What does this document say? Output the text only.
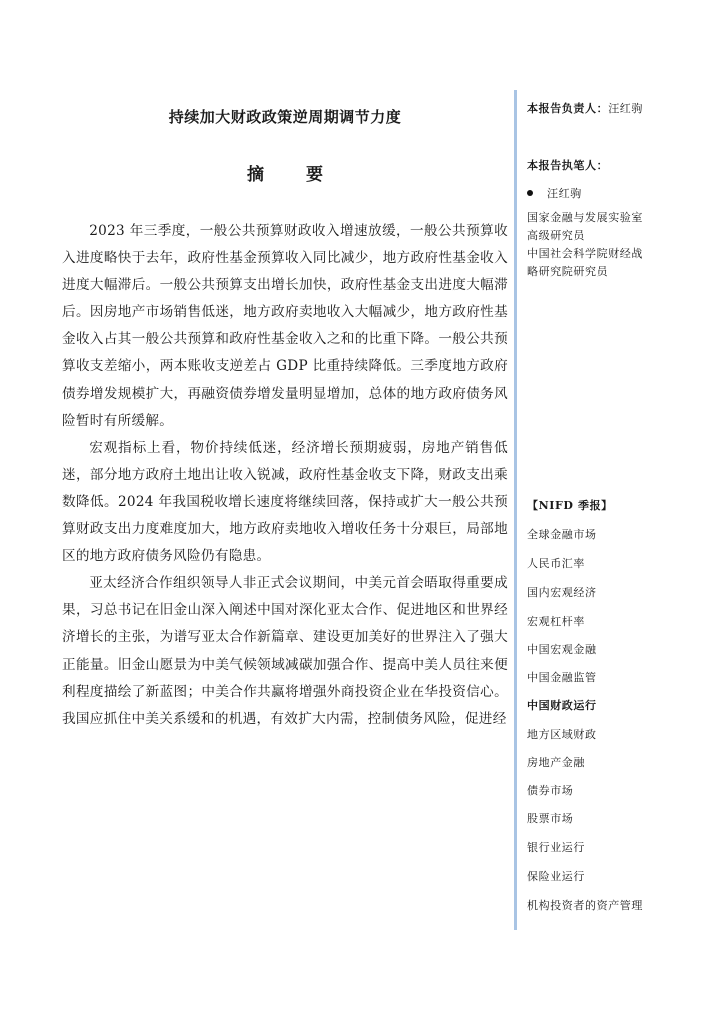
持续加大财政政策逆周期调节力度
摘 要

2023 年三季度，一般公共预算财政收入增速放缓，一般公共预算收入进度略快于去年，政府性基金预算收入同比减少，地方政府性基金收入进度大幅滞后。一般公共预算支出增长加快，政府性基金支出进度大幅滞后。因房地产市场销售低迷，地方政府卖地收入大幅减少，地方政府性基金收入占其一般公共预算和政府性基金收入之和的比重下降。一般公共预算收支差缩小，两本账收支逆差占 GDP 比重持续降低。三季度地方政府债券增发规模扩大，再融资债券增发量明显增加，总体的地方政府债务风险暂时有所缓解。

宏观指标上看，物价持续低迷，经济增长预期疲弱，房地产销售低迷，部分地方政府土地出让收入锐减，政府性基金收支下降，财政支出乘数降低。2024 年我国税收增长速度将继续回落，保持或扩大一般公共预算财政支出力度难度加大，地方政府卖地收入增收任务十分艰巨，局部地区的地方政府债务风险仍有隐患。

亚太经济合作组织领导人非正式会议期间，中美元首会晤取得重要成果，习总书记在旧金山深入阐述中国对深化亚太合作、促进地区和世界经济增长的主张，为谱写亚太合作新篇章、建设更加美好的世界注入了强大正能量。旧金山愿景为中美气候领域减碳加强合作、提高中美人员往来便利程度描绘了新蓝图；中美合作共赢将增强外商投资企业在华投资信心。我国应抓住中美关系缓和的机遇，有效扩大内需，控制债务风险，促进经

本报告负责人：汪红驹
本报告执笔人：
汪红驹
国家金融与发展实验室
高级研究员
中国社会科学院财经战
略研究院研究员
【NIFD 季报】
全球金融市场
人民币汇率
国内宏观经济
宏观杠杆率
中国宏观金融
中国金融监管
中国财政运行
地方区域财政
房地产金融
债券市场
股票市场
银行业运行
保险业运行
机构投资者的资产管理
